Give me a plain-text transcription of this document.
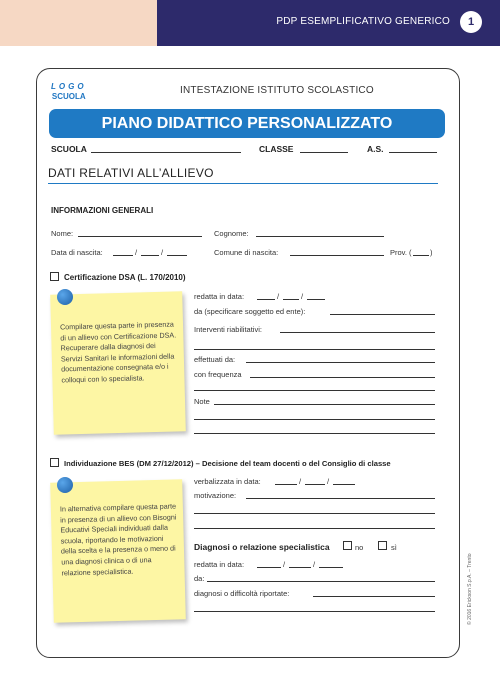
PDP ESEMPLIFICATIVO GENERICO	1
LOGO
SCUOLA
INTESTAZIONE ISTITUTO SCOLASTICO
PIANO DIDATTICO PERSONALIZZATO
SCUOLA	CLASSE	A.S.
DATI RELATIVI ALL’ALLIEVO
INFORMAZIONI GENERALI
Nome:	Cognome:
Data di nascita:	/	/	Comune di nascita:	Prov. ( )
Certificazione DSA (L. 170/2010)
Compilare questa parte in presenza di un allievo con Certificazione DSA. Recuperare dalla diagnosi dei Servizi Sanitari le informazioni della documentazione consegnata e/o i colloqui con lo specialista.
redatta in data:	/	/
da (specificare soggetto ed ente):
Interventi riabilitativi:
effettuati da:
con frequenza
Note
Individuazione BES (DM 27/12/2012) – Decisione del team docenti o del Consiglio di classe
In alternativa compilare questa parte in presenza di un allievo con Bisogni Educativi Speciali individuati dalla scuola, riportando le motivazioni della scelta e la presenza o meno di una diagnosi clinica o di una relazione specialistica.
verbalizzata in data:	/	/
motivazione:
Diagnosi o relazione specialistica	no	sì
redatta in data:	/	/
da:
diagnosi o difficoltà riportate:	© 2016 Erickson S.p.A. – Trento
